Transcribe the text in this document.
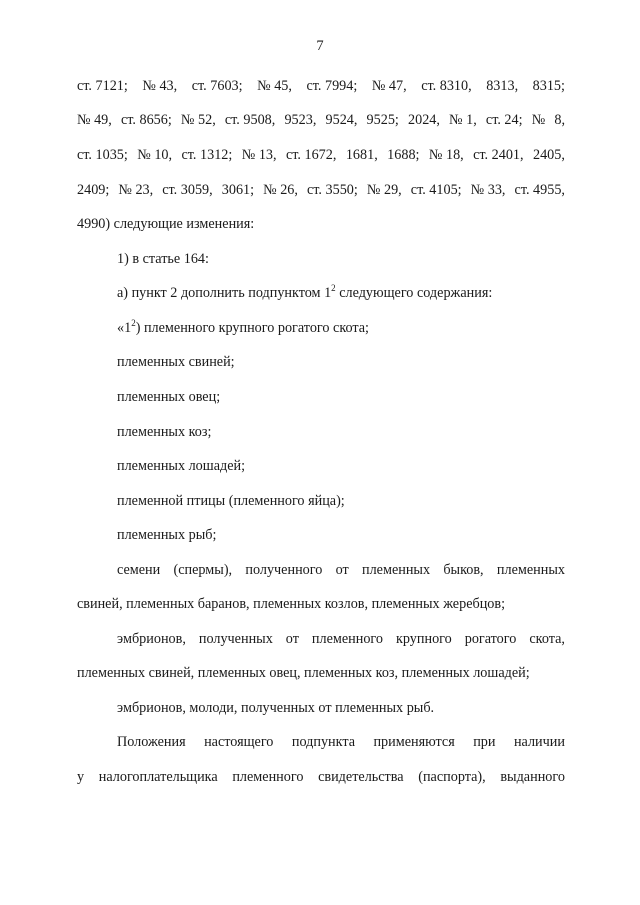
7
ст. 7121; № 43, ст. 7603; № 45, ст. 7994; № 47, ст. 8310, 8313, 8315;
№ 49, ст. 8656; № 52, ст. 9508, 9523, 9524, 9525; 2024, № 1, ст. 24; № 8,
ст. 1035; № 10, ст. 1312; № 13, ст. 1672, 1681, 1688; № 18, ст. 2401, 2405,
2409; № 23, ст. 3059, 3061; № 26, ст. 3550; № 29, ст. 4105; № 33, ст. 4955,
4990) следующие изменения:
1) в статье 164:
а) пункт 2 дополнить подпунктом $1^2$ следующего содержания:
«$1^2$) племенного крупного рогатого скота;
племенных свиней;
племенных овец;
племенных коз;
племенных лошадей;
племенной птицы (племенного яйца);
племенных рыб;
семени (спермы), полученного от племенных быков, племенных
свиней, племенных баранов, племенных козлов, племенных жеребцов;
эмбрионов, полученных от племенного крупного рогатого скота,
племенных свиней, племенных овец, племенных коз, племенных лошадей;
эмбрионов, молоди, полученных от племенных рыб.
Положения настоящего подпункта применяются при наличии
у налогоплательщика племенного свидетельства (паспорта), выданного
